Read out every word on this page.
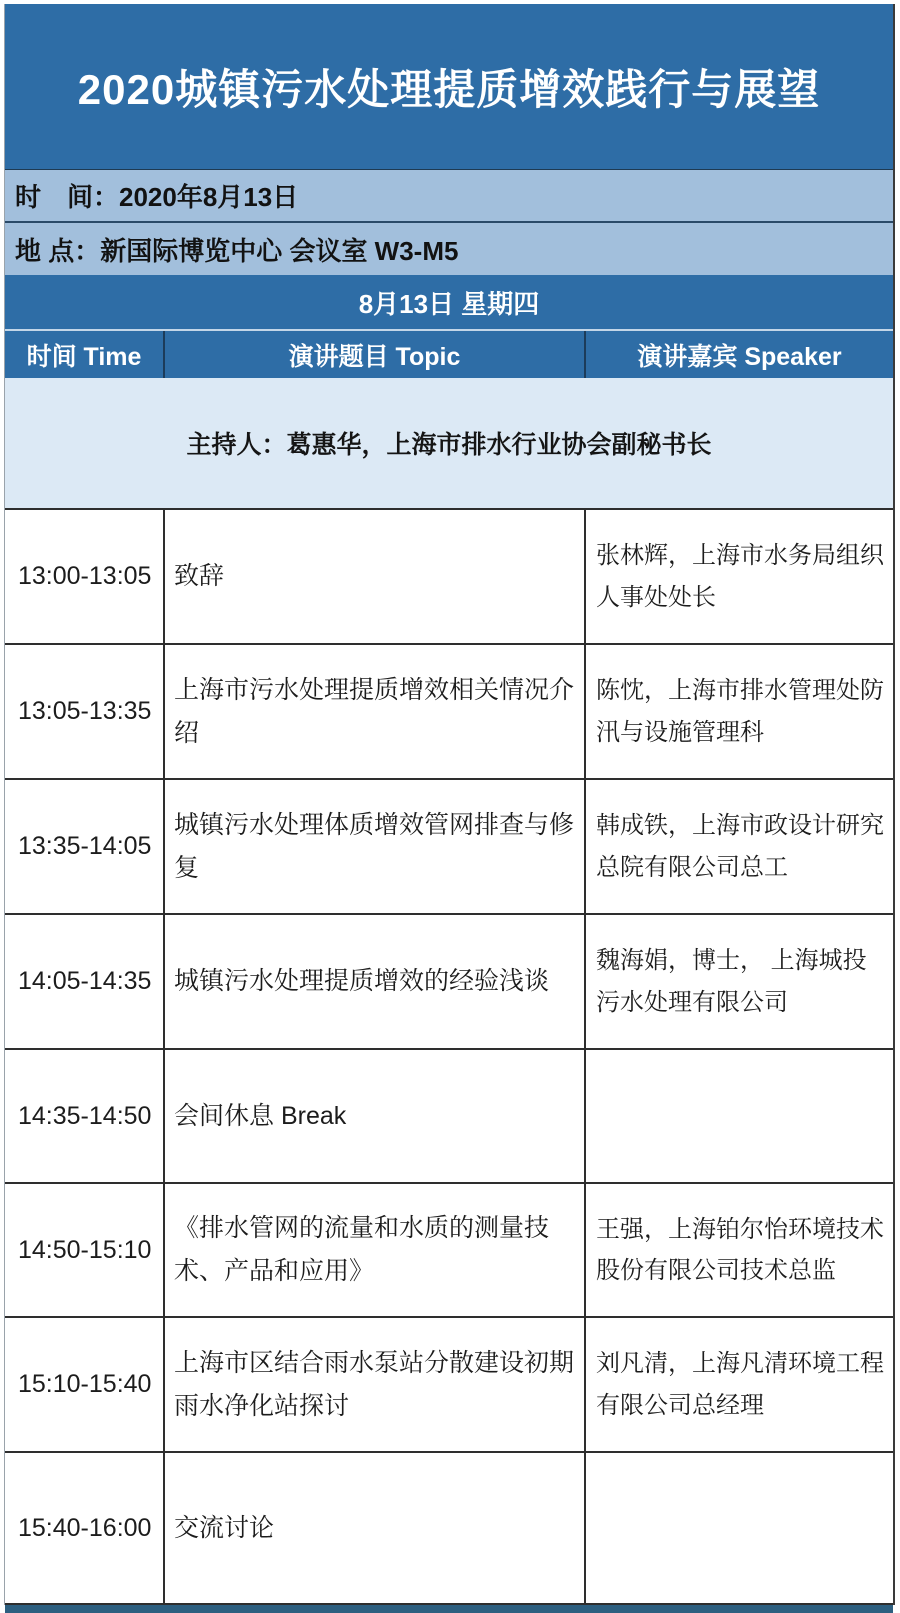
2020城镇污水处理提质增效践行与展望
时　间：2020年8月13日
地 点：新国际博览中心 会议室 W3-M5
8月13日 星期四
时间 Time	演讲题目 Topic	演讲嘉宾 Speaker
主持人：葛惠华，上海市排水行业协会副秘书长
13:00-13:05 致辞
张林辉，上海市水务局组织人事处处长
13:05-13:35
上海市污水处理提质增效相关情况介绍
陈忱，上海市排水管理处防汛与设施管理科
13:35-14:05
城镇污水处理体质增效管网排查与修复
韩成铁，上海市政设计研究总院有限公司总工
14:05-14:35 城镇污水处理提质增效的经验浅谈
魏海娟，博士， 上海城投污水处理有限公司
14:35-14:50 会间休息 Break
14:50-15:10
《排水管网的流量和水质的测量技术、产品和应用》
王强，上海铂尔怡环境技术股份有限公司技术总监
15:10-15:40
上海市区结合雨水泵站分散建设初期雨水净化站探讨
刘凡清，上海凡清环境工程有限公司总经理
15:40-16:00 交流讨论
